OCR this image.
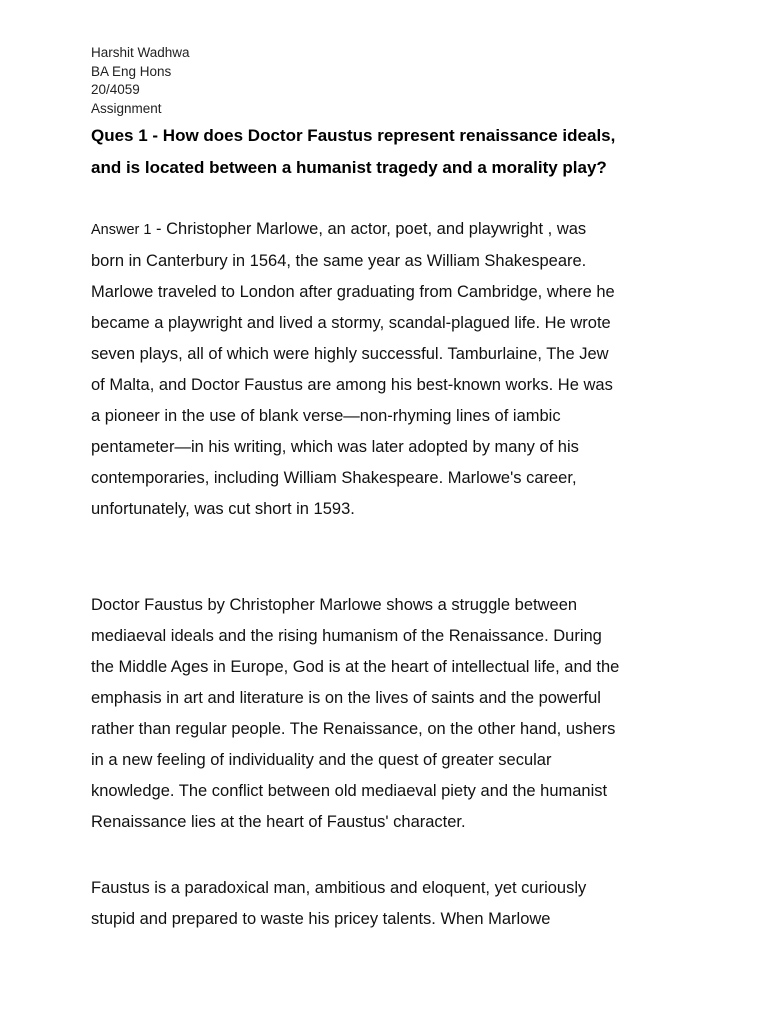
Harshit Wadhwa
BA Eng Hons
20/4059
Assignment
Ques 1 - How does Doctor Faustus represent renaissance ideals,
and is located between a humanist tragedy and a morality play?
Answer 1 - Christopher Marlowe, an actor, poet, and playwright , was
born in Canterbury in 1564, the same year as William Shakespeare.
Marlowe traveled to London after graduating from Cambridge, where he
became a playwright and lived a stormy, scandal-plagued life. He wrote
seven plays, all of which were highly successful. Tamburlaine, The Jew
of Malta, and Doctor Faustus are among his best-known works. He was
a pioneer in the use of blank verse—non-rhyming lines of iambic
pentameter—in his writing, which was later adopted by many of his
contemporaries, including William Shakespeare. Marlowe's career,
unfortunately, was cut short in 1593.
Doctor Faustus by Christopher Marlowe shows a struggle between
mediaeval ideals and the rising humanism of the Renaissance. During
the Middle Ages in Europe, God is at the heart of intellectual life, and the
emphasis in art and literature is on the lives of saints and the powerful
rather than regular people. The Renaissance, on the other hand, ushers
in a new feeling of individuality and the quest of greater secular
knowledge. The conflict between old mediaeval piety and the humanist
Renaissance lies at the heart of Faustus' character.
Faustus is a paradoxical man, ambitious and eloquent, yet curiously
stupid and prepared to waste his pricey talents. When Marlowe
